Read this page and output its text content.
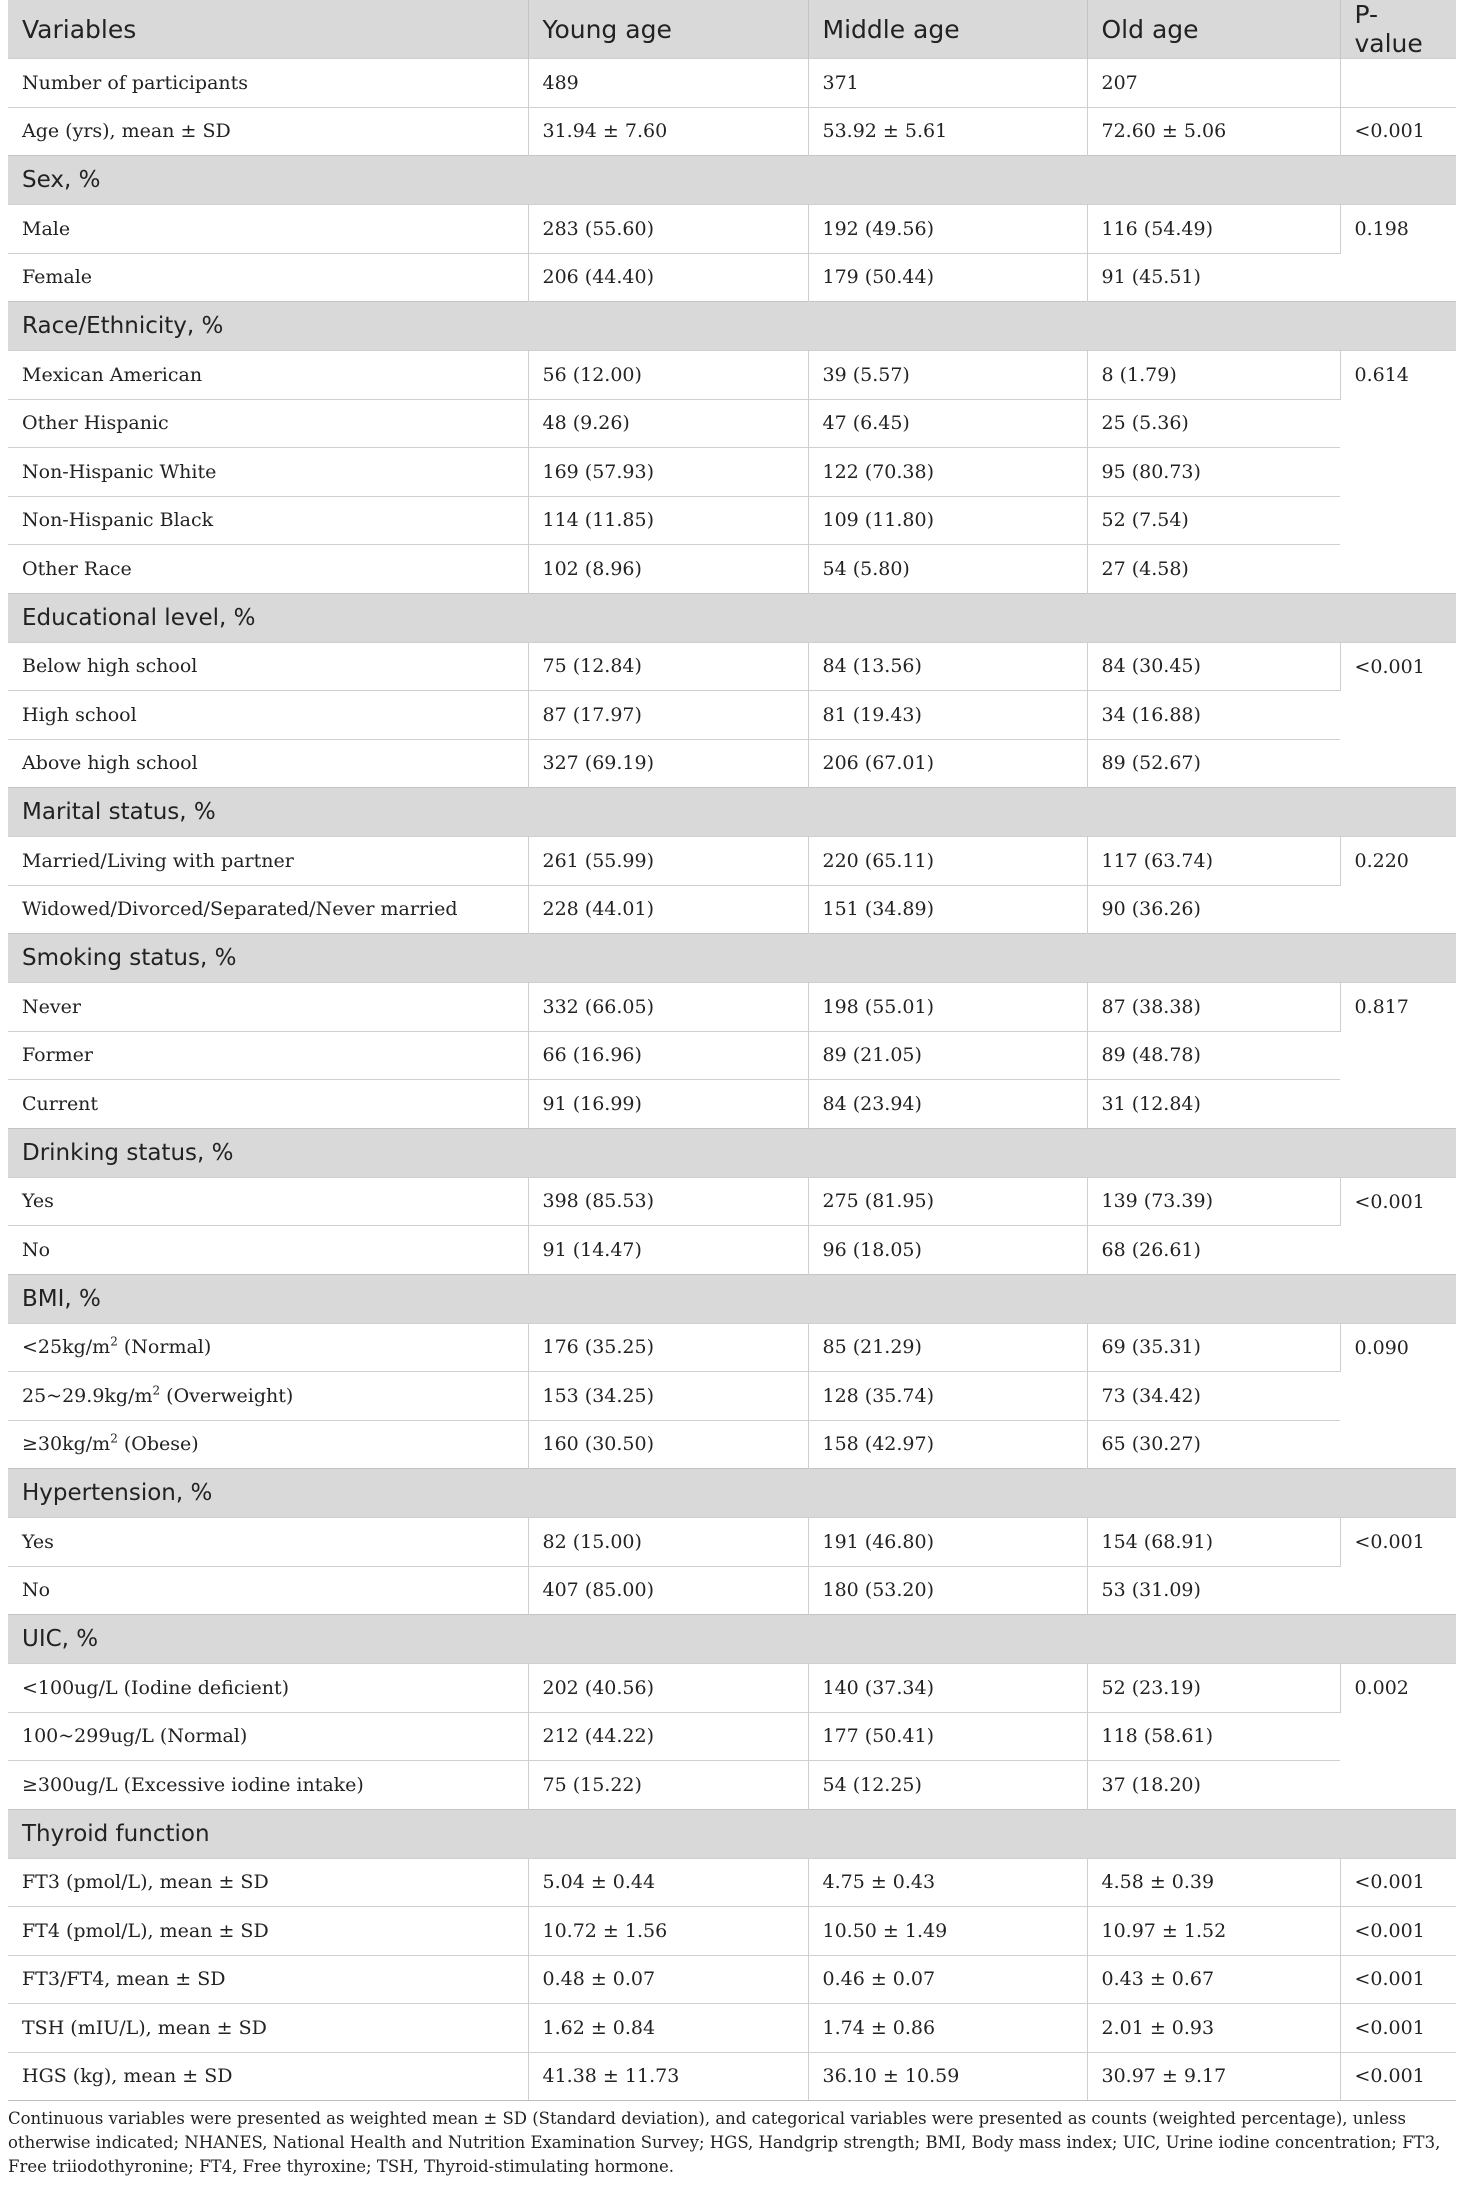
Variables	Young age	Middle age	Old age	P-value
Number of participants	489	371	207	
Age (yrs), mean ± SD	31.94 ± 7.60	53.92 ± 5.61	72.60 ± 5.06	<0.001
Sex, %				
Male	283 (55.60)	192 (49.56)	116 (54.49)	0.198
Female	206 (44.40)	179 (50.44)	91 (45.51)	
Race/Ethnicity, %				
Mexican American	56 (12.00)	39 (5.57)	8 (1.79)	0.614
Other Hispanic	48 (9.26)	47 (6.45)	25 (5.36)	
Non-Hispanic White	169 (57.93)	122 (70.38)	95 (80.73)	
Non-Hispanic Black	114 (11.85)	109 (11.80)	52 (7.54)	
Other Race	102 (8.96)	54 (5.80)	27 (4.58)	
Educational level, %				
Below high school	75 (12.84)	84 (13.56)	84 (30.45)	<0.001
High school	87 (17.97)	81 (19.43)	34 (16.88)	
Above high school	327 (69.19)	206 (67.01)	89 (52.67)	
Marital status, %				
Married/Living with partner	261 (55.99)	220 (65.11)	117 (63.74)	0.220
Widowed/Divorced/Separated/Never married	228 (44.01)	151 (34.89)	90 (36.26)	
Smoking status, %				
Never	332 (66.05)	198 (55.01)	87 (38.38)	0.817
Former	66 (16.96)	89 (21.05)	89 (48.78)	
Current	91 (16.99)	84 (23.94)	31 (12.84)	
Drinking status, %				
Yes	398 (85.53)	275 (81.95)	139 (73.39)	<0.001
No	91 (14.47)	96 (18.05)	68 (26.61)	
BMI, %				
$<25kg/m^2$ (Normal)	176 (35.25)	85 (21.29)	69 (35.31)	0.090
$25\sim 29.9kg/m^2$ (Overweight)	153 (34.25)	128 (35.74)	73 (34.42)	
$\ge 30kg/m^2$ (Obese)	160 (30.50)	158 (42.97)	65 (30.27)	
Hypertension, %				
Yes	82 (15.00)	191 (46.80)	154 (68.91)	<0.001
No	407 (85.00)	180 (53.20)	53 (31.09)	
UIC, %				
<100ug/L (Iodine deficient)	202 (40.56)	140 (37.34)	52 (23.19)	0.002
100~299ug/L (Normal)	212 (44.22)	177 (50.41)	118 (58.61)	
≥300ug/L (Excessive iodine intake)	75 (15.22)	54 (12.25)	37 (18.20)	
Thyroid function				
FT3 (pmol/L), mean ± SD	5.04 ± 0.44	4.75 ± 0.43	4.58 ± 0.39	<0.001
FT4 (pmol/L), mean ± SD	10.72 ± 1.56	10.50 ± 1.49	10.97 ± 1.52	<0.001
FT3/FT4, mean ± SD	0.48 ± 0.07	0.46 ± 0.07	0.43 ± 0.67	<0.001
TSH (mIU/L), mean ± SD	1.62 ± 0.84	1.74 ± 0.86	2.01 ± 0.93	<0.001
HGS (kg), mean ± SD	41.38 ± 11.73	36.10 ± 10.59	30.97 ± 9.17	<0.001
Continuous variables were presented as weighted mean ± SD (Standard deviation), and categorical variables were presented as counts (weighted percentage), unless otherwise indicated; NHANES, National Health and Nutrition Examination Survey; HGS, Handgrip strength; BMI, Body mass index; UIC, Urine iodine concentration; FT3, Free triiodothyronine; FT4, Free thyroxine; TSH, Thyroid-stimulating hormone.
